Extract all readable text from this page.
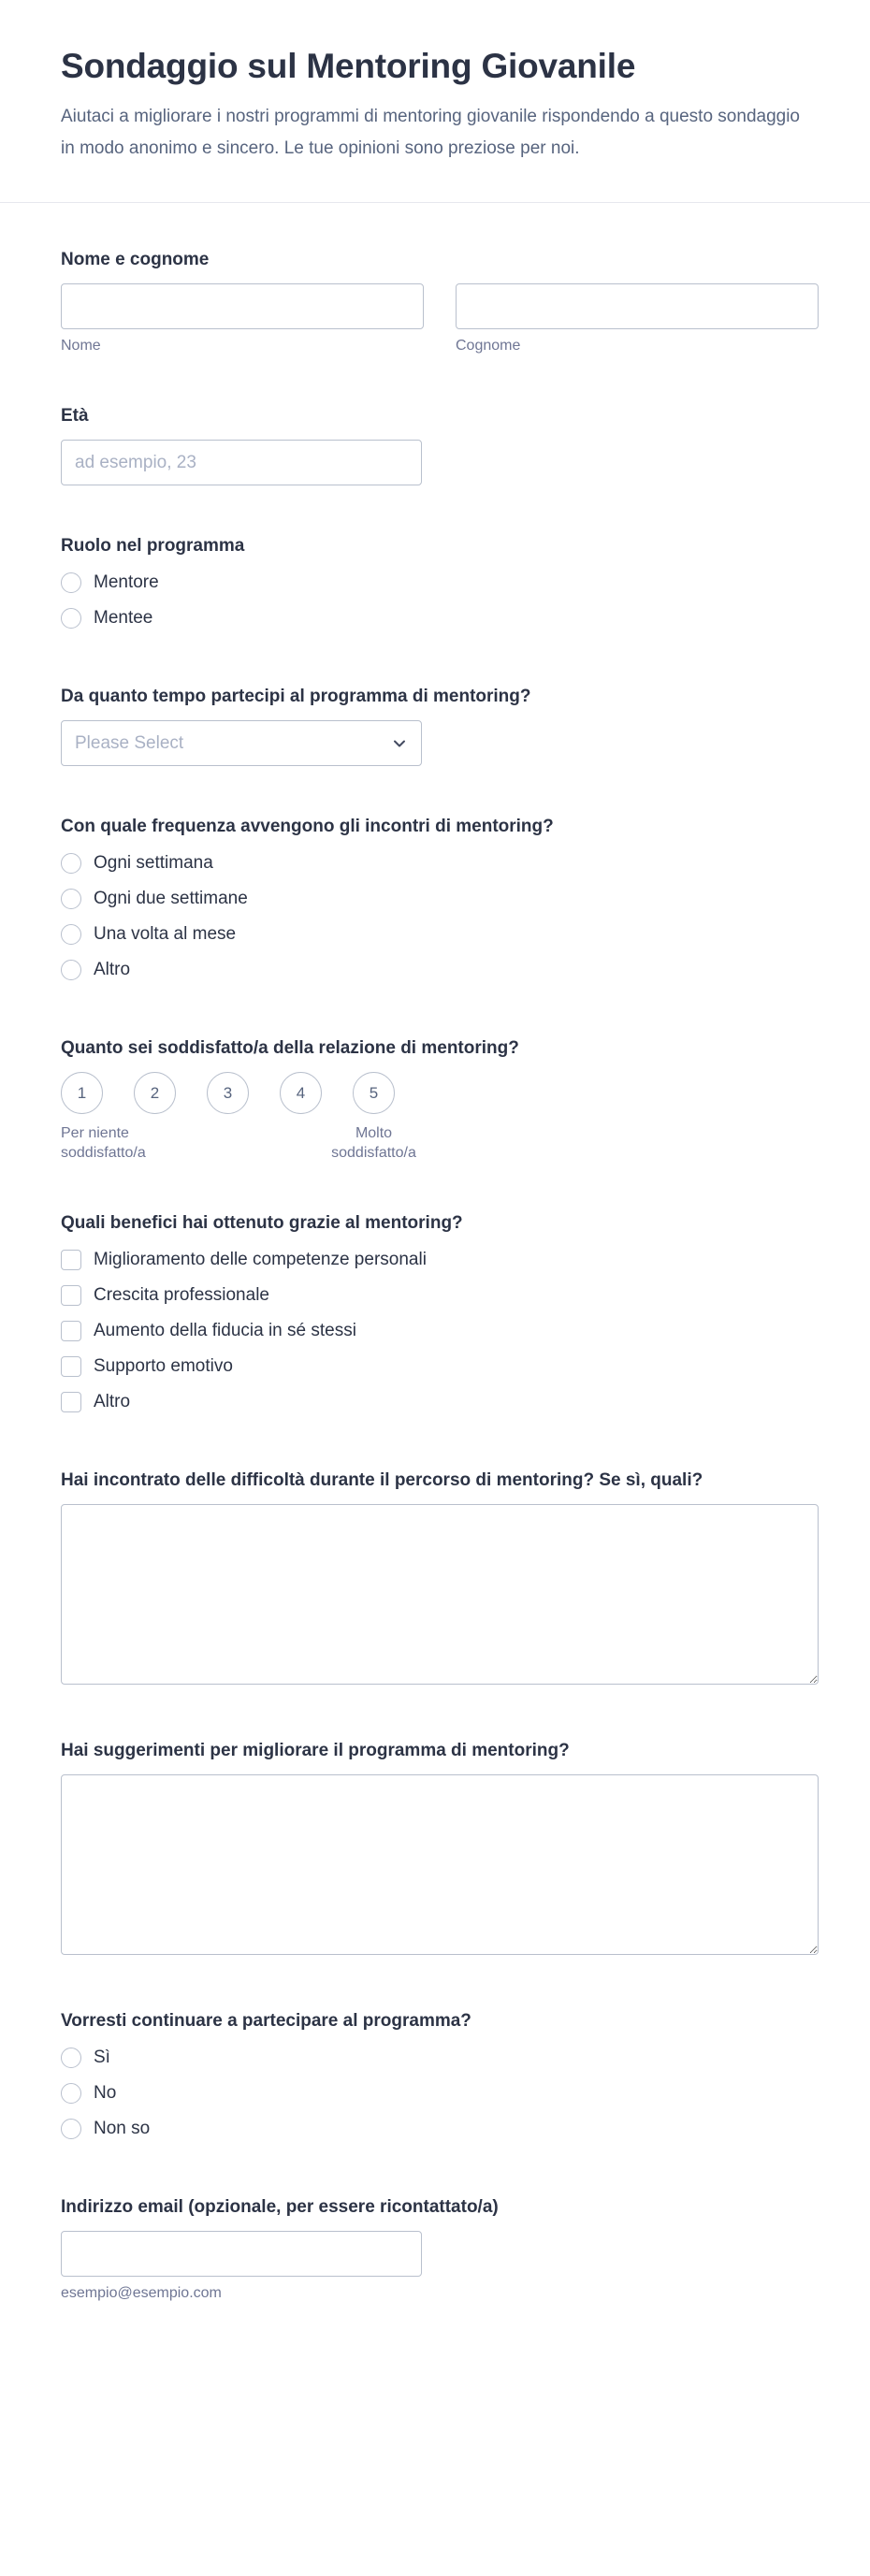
Sondaggio sul Mentoring Giovanile

Aiutaci a migliorare i nostri programmi di mentoring giovanile rispondendo a questo sondaggio in modo anonimo e sincero. Le tue opinioni sono preziose per noi.

Nome e cognome
Nome	Cognome
Età
ad esempio, 23
Ruolo nel programma
Mentore
Mentee
Da quanto tempo partecipi al programma di mentoring?
Please Select
Con quale frequenza avvengono gli incontri di mentoring?
Ogni settimana
Ogni due settimane
Una volta al mese
Altro
Quanto sei soddisfatto/a della relazione di mentoring?
1	2	3	4	5
Per niente soddisfatto/a
Molto soddisfatto/a
Quali benefici hai ottenuto grazie al mentoring?
Miglioramento delle competenze personali
Crescita professionale
Aumento della fiducia in sé stessi
Supporto emotivo
Altro
Hai incontrato delle difficoltà durante il percorso di mentoring? Se sì, quali?
Hai suggerimenti per migliorare il programma di mentoring?
Vorresti continuare a partecipare al programma?
Sì
No
Non so
Indirizzo email (opzionale, per essere ricontattato/a)
esempio@esempio.com
